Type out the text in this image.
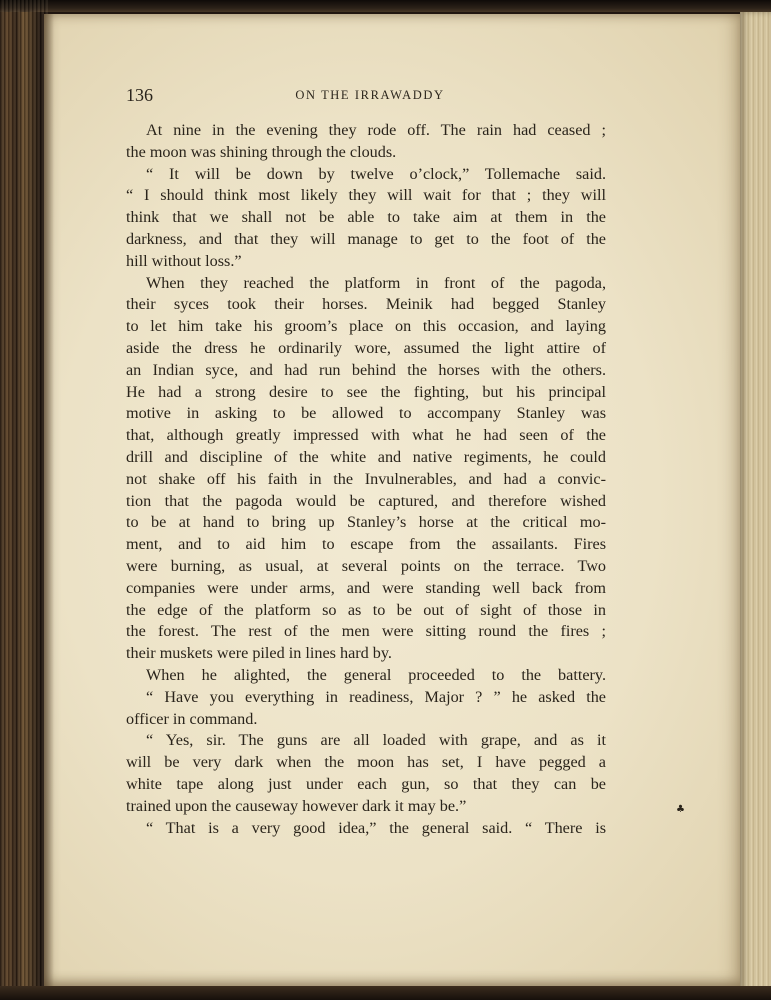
136	ON THE IRRAWADDY

At nine in the evening they rode off. The rain had ceased ;
the moon was shining through the clouds.
“ It will be down by twelve o’clock,” Tollemache said.
“ I should think most likely they will wait for that ; they will
think that we shall not be able to take aim at them in the
darkness, and that they will manage to get to the foot of the
hill without loss.”
When they reached the platform in front of the pagoda,
their syces took their horses. Meinik had begged Stanley
to let him take his groom’s place on this occasion, and laying
aside the dress he ordinarily wore, assumed the light attire of
an Indian syce, and had run behind the horses with the others.
He had a strong desire to see the fighting, but his principal
motive in asking to be allowed to accompany Stanley was
that, although greatly impressed with what he had seen of the
drill and discipline of the white and native regiments, he could
not shake off his faith in the Invulnerables, and had a convic-
tion that the pagoda would be captured, and therefore wished
to be at hand to bring up Stanley’s horse at the critical mo-
ment, and to aid him to escape from the assailants. Fires
were burning, as usual, at several points on the terrace. Two
companies were under arms, and were standing well back from
the edge of the platform so as to be out of sight of those in
the forest. The rest of the men were sitting round the fires ;
their muskets were piled in lines hard by.
When he alighted, the general proceeded to the battery.
“ Have you everything in readiness, Major ? ” he asked the
officer in command.
“ Yes, sir. The guns are all loaded with grape, and as it
will be very dark when the moon has set, I have pegged a
white tape along just under each gun, so that they can be
trained upon the causeway however dark it may be.”
“ That is a very good idea,” the general said. “ There is
♣
